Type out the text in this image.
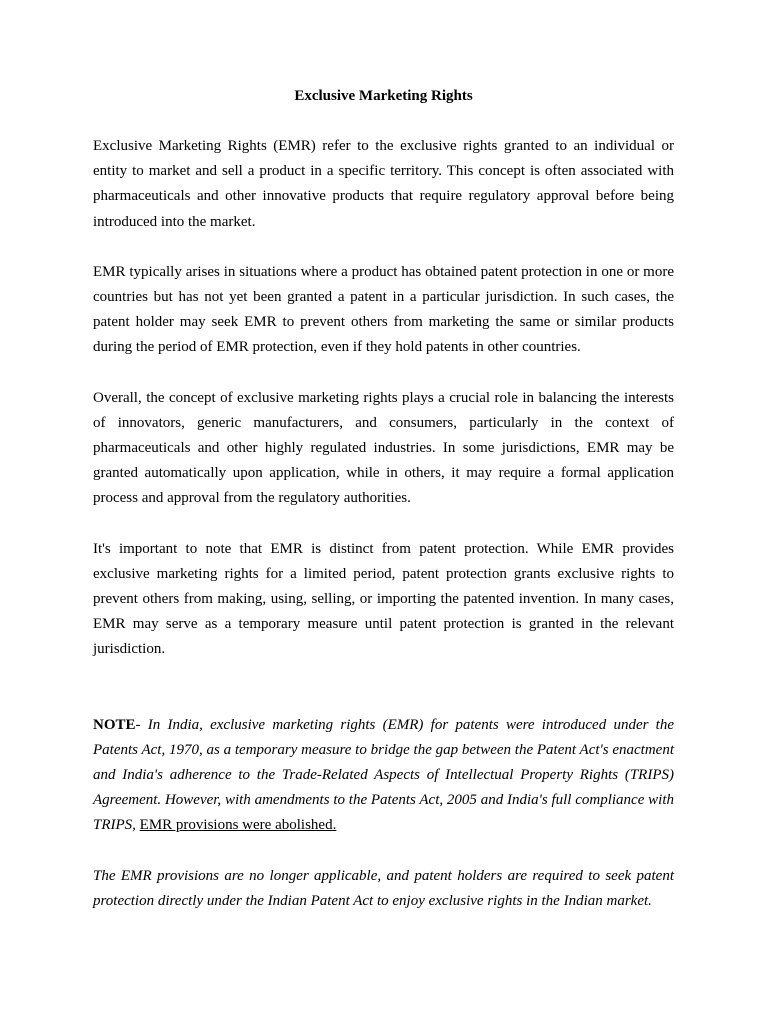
Exclusive Marketing Rights

Exclusive Marketing Rights (EMR) refer to the exclusive rights granted to an individual or entity to market and sell a product in a specific territory. This concept is often associated with pharmaceuticals and other innovative products that require regulatory approval before being introduced into the market.

EMR typically arises in situations where a product has obtained patent protection in one or more countries but has not yet been granted a patent in a particular jurisdiction. In such cases, the patent holder may seek EMR to prevent others from marketing the same or similar products during the period of EMR protection, even if they hold patents in other countries.

Overall, the concept of exclusive marketing rights plays a crucial role in balancing the interests of innovators, generic manufacturers, and consumers, particularly in the context of pharmaceuticals and other highly regulated industries. In some jurisdictions, EMR may be granted automatically upon application, while in others, it may require a formal application process and approval from the regulatory authorities.

It's important to note that EMR is distinct from patent protection. While EMR provides exclusive marketing rights for a limited period, patent protection grants exclusive rights to prevent others from making, using, selling, or importing the patented invention. In many cases, EMR may serve as a temporary measure until patent protection is granted in the relevant jurisdiction.

NOTE- In India, exclusive marketing rights (EMR) for patents were introduced under the Patents Act, 1970, as a temporary measure to bridge the gap between the Patent Act's enactment and India's adherence to the Trade-Related Aspects of Intellectual Property Rights (TRIPS) Agreement. However, with amendments to the Patents Act, 2005 and India's full compliance with TRIPS, EMR provisions were abolished.

The EMR provisions are no longer applicable, and patent holders are required to seek patent protection directly under the Indian Patent Act to enjoy exclusive rights in the Indian market.
